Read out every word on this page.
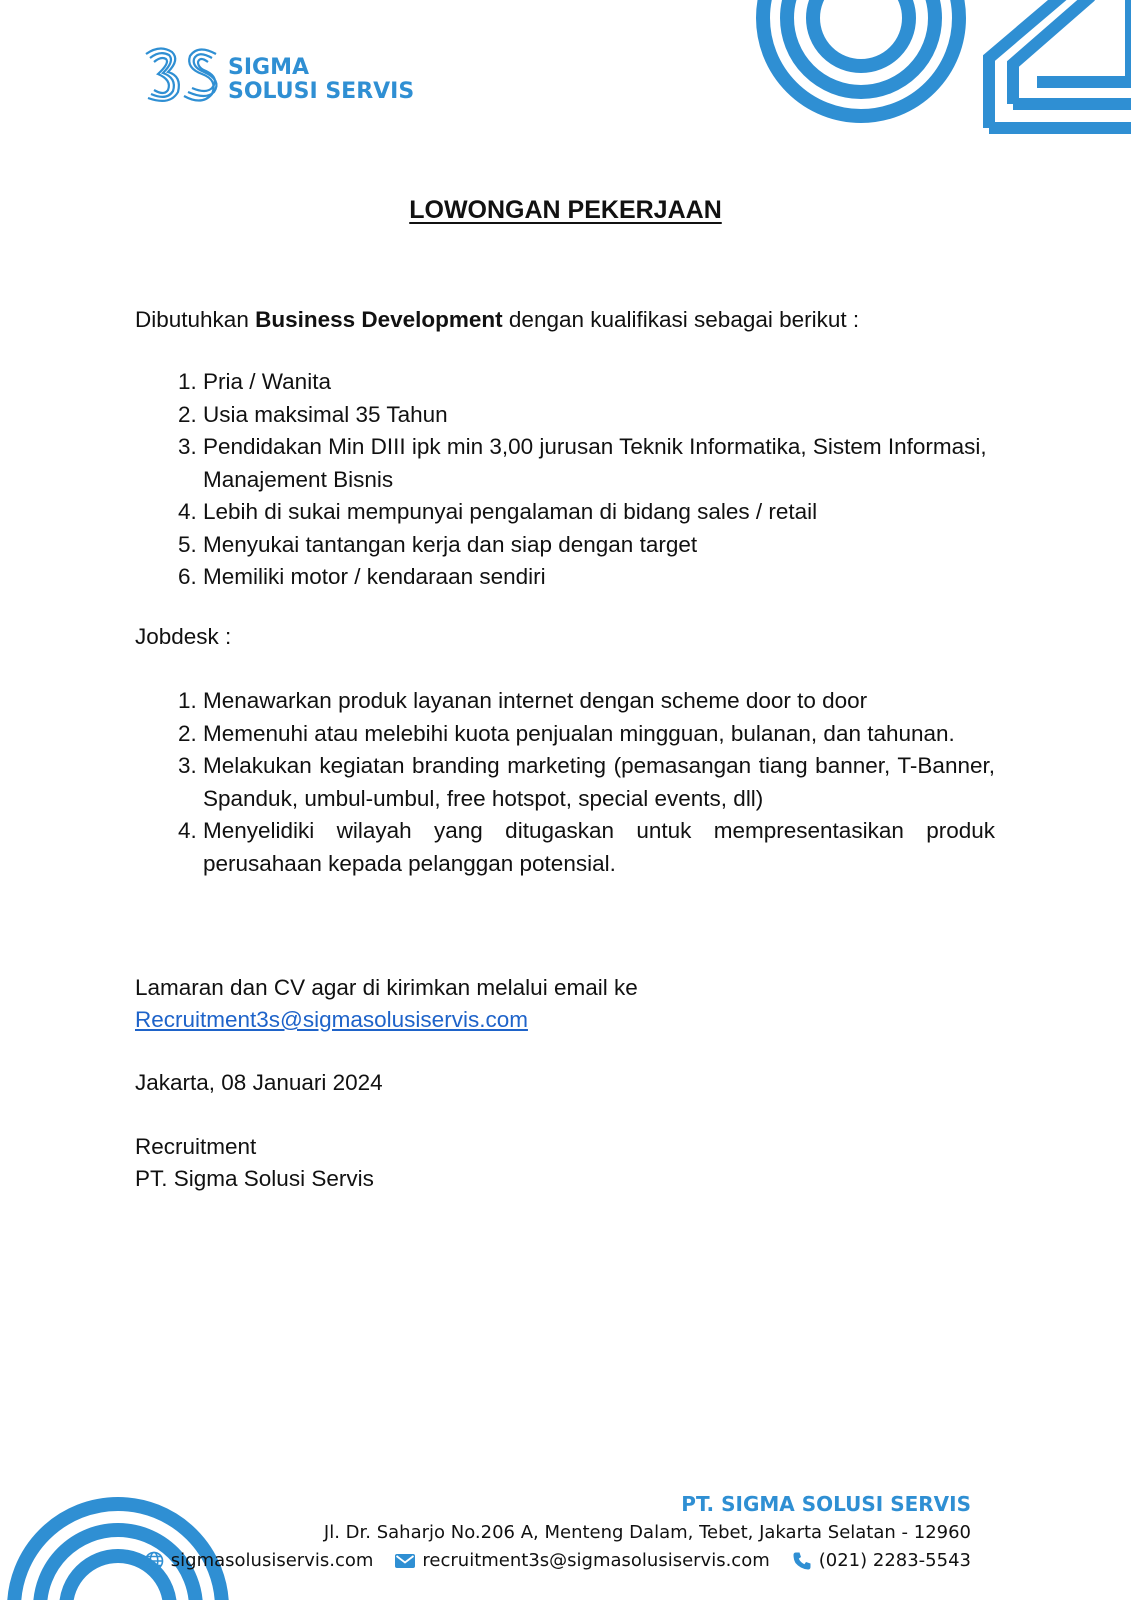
SIGMA
SOLUSI SERVIS
LOWONGAN PEKERJAAN
Dibutuhkan Business Development dengan kualifikasi sebagai berikut :
1. Pria / Wanita
2. Usia maksimal 35 Tahun
3. Pendidakan Min DIII ipk min 3,00 jurusan Teknik Informatika, Sistem Informasi, Manajement Bisnis
4. Lebih di sukai mempunyai pengalaman di bidang sales / retail
5. Menyukai tantangan kerja dan siap dengan target
6. Memiliki motor / kendaraan sendiri
Jobdesk :
1. Menawarkan produk layanan internet dengan scheme door to door
2. Memenuhi atau melebihi kuota penjualan mingguan, bulanan, dan tahunan.
3. Melakukan kegiatan branding marketing (pemasangan tiang banner, T-Banner, Spanduk, umbul-umbul, free hotspot, special events, dll)
4. Menyelidiki wilayah yang ditugaskan untuk mempresentasikan produk perusahaan kepada pelanggan potensial.
Lamaran dan CV agar di kirimkan melalui email ke
Recruitment3s@sigmasolusiservis.com
Jakarta, 08 Januari 2024
Recruitment
PT. Sigma Solusi Servis
PT. SIGMA SOLUSI SERVIS
Jl. Dr. Saharjo No.206 A, Menteng Dalam, Tebet, Jakarta Selatan - 12960
sigmasolusiservis.com	recruitment3s@sigmasolusiservis.com	(021) 2283-5543
